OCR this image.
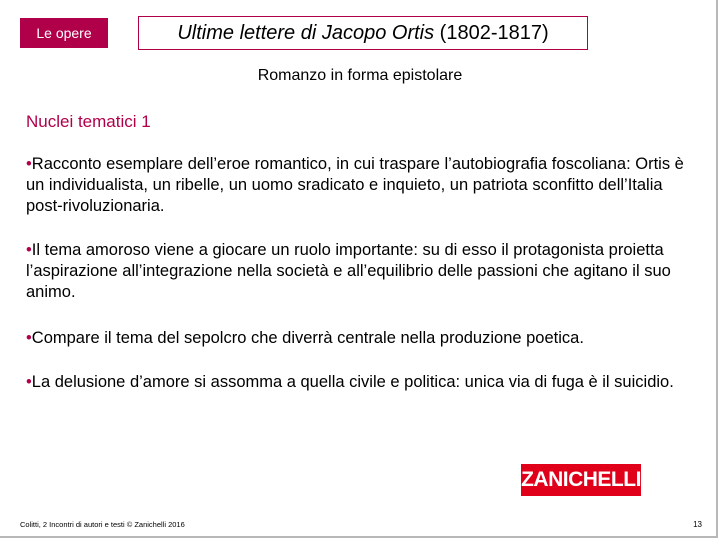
Le opere	Ultime lettere di Jacopo Ortis (1802-1817)
Romanzo in forma epistolare
Nuclei tematici 1

•Racconto esemplare dell’eroe romantico, in cui traspare l’autobiografia foscoliana: Ortis è un individualista, un ribelle, un uomo sradicato e inquieto, un patriota sconfitto dell’Italia post-rivoluzionaria.

•Il tema amoroso viene a giocare un ruolo importante: su di esso il protagonista proietta l’aspirazione all’integrazione nella società e all’equilibrio delle passioni che agitano il suo animo.

•Compare il tema del sepolcro che diverrà centrale nella produzione poetica.

•La delusione d’amore si assomma a quella civile e politica: unica via di fuga è il suicidio.

ZANICHELLI
Colitti, 2 Incontri di autori e testi © Zanichelli 2016	13
